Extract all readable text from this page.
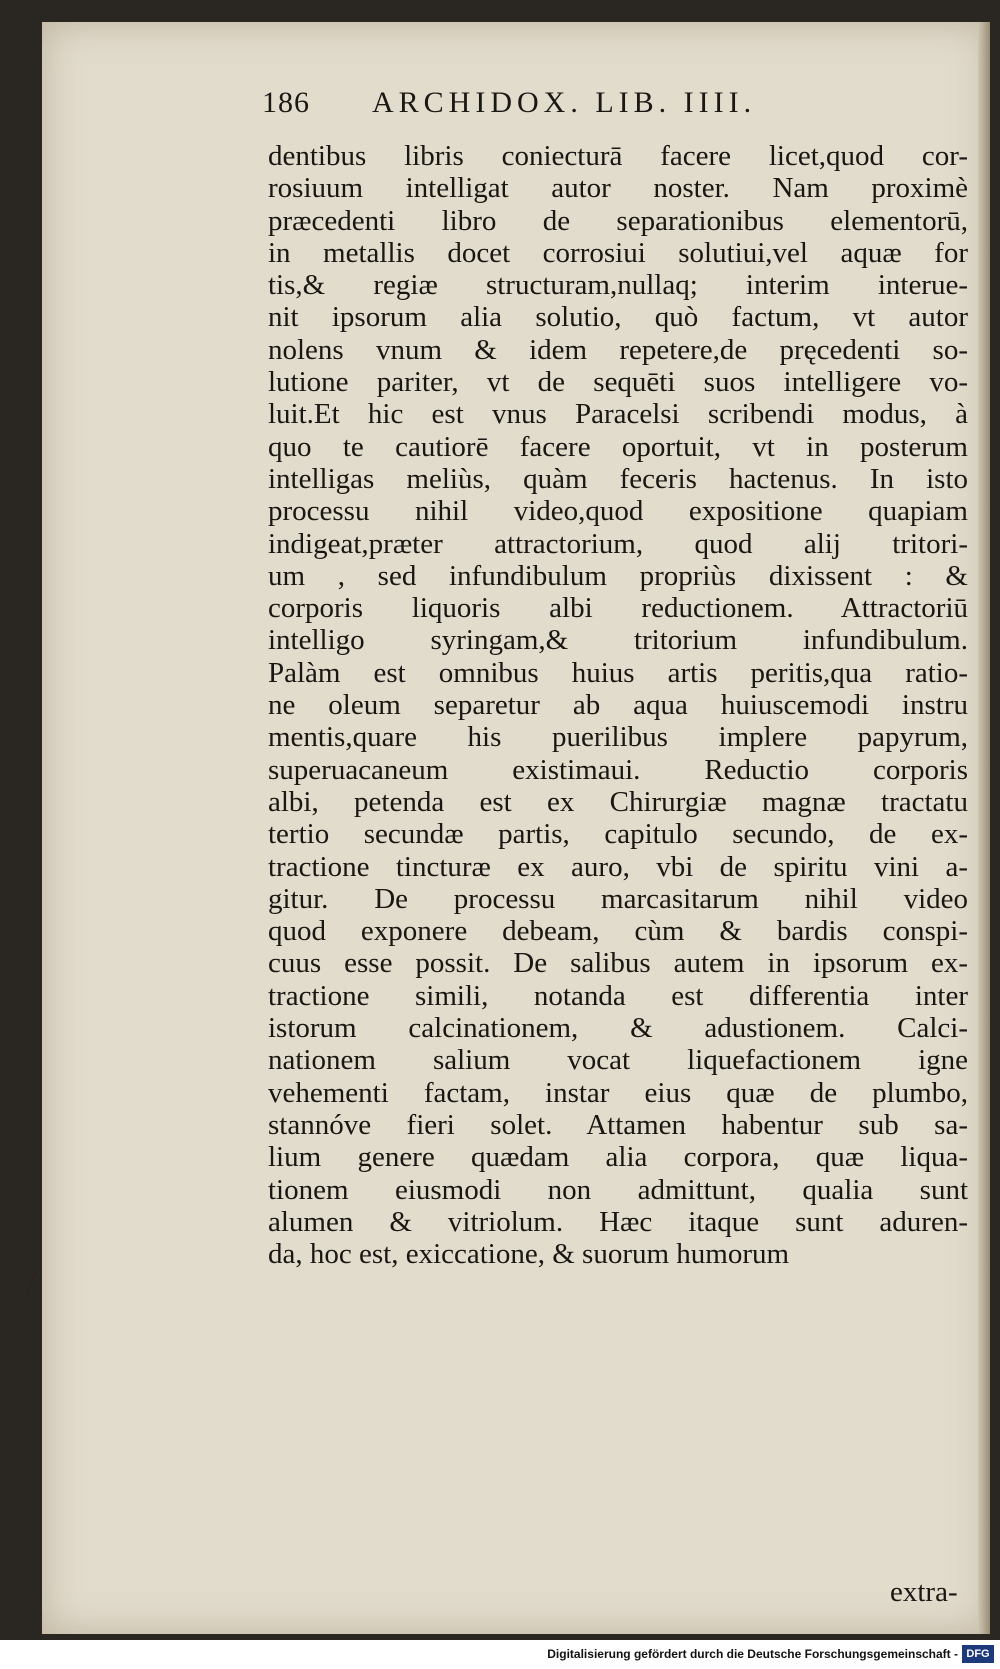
186 ARCHIDOX. LIB. IIII.
dentibus libris coniecturā facere licet,quod cor-
rosiuum intelligat autor noster. Nam proximè
præcedenti libro de separationibus elementorū,
in metallis docet corrosiui solutiui,vel aquæ for
tis,& regiæ structuram,nullaq; interim interue-
nit ipsorum alia solutio, quò factum, vt autor
nolens vnum & idem repetere,de pręcedenti so-
lutione pariter, vt de sequēti suos intelligere vo-
luit.Et hic est vnus Paracelsi scribendi modus, à
quo te cautiorē facere oportuit, vt in posterum
intelligas meliùs, quàm feceris hactenus. In isto
processu nihil video,quod expositione quapiam
indigeat,præter attractorium, quod alij tritori-
um , sed infundibulum propriùs dixissent : &
corporis liquoris albi reductionem. Attractoriū
intelligo syringam,& tritorium infundibulum.
Palàm est omnibus huius artis peritis,qua ratio-
ne oleum separetur ab aqua huiuscemodi instru
mentis,quare his puerilibus implere papyrum,
superuacaneum existimaui. Reductio corporis
albi, petenda est ex Chirurgiæ magnæ tractatu
tertio secundæ partis, capitulo secundo, de ex-
tractione tincturæ ex auro, vbi de spiritu vini a-
gitur. De processu marcasitarum nihil video
quod exponere debeam, cùm & bardis conspi-
cuus esse possit. De salibus autem in ipsorum ex-
tractione simili, notanda est differentia inter
istorum calcinationem, & adustionem. Calci-
nationem salium vocat liquefactionem igne
vehementi factam, instar eius quæ de plumbo,
stannóve fieri solet. Attamen habentur sub sa-
lium genere quædam alia corpora, quæ liqua-
tionem eiusmodi non admittunt, qualia sunt
alumen & vitriolum. Hæc itaque sunt aduren-
da, hoc est, exiccatione, & suorum humorum
extra-
Digitalisierung gefördert durch die Deutsche Forschungsgemeinschaft - DFG
